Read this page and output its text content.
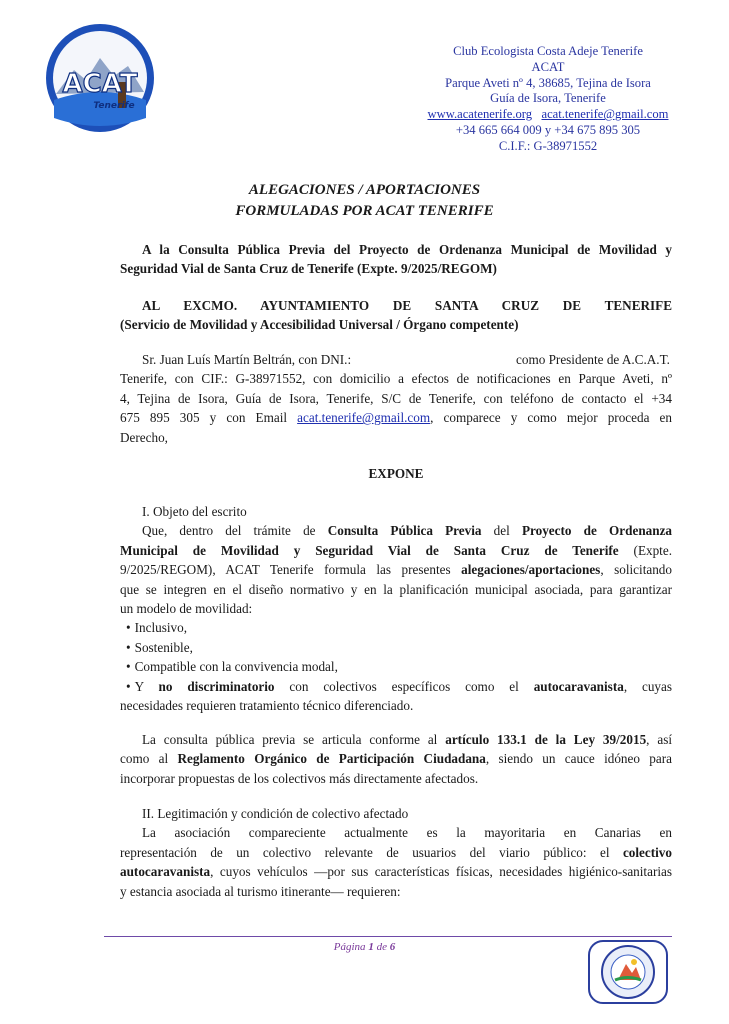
ACAT
Tenerife
Club Ecologista Costa Adeje Tenerife
ACAT
Parque Aveti nº 4, 38685, Tejina de Isora
Guía de Isora, Tenerife
www.acatenerife.org acat.tenerife@gmail.com
+34 665 664 009 y +34 675 895 305
C.I.F.: G-38971552
ALEGACIONES / APORTACIONES
FORMULADAS POR ACAT TENERIFE
A la Consulta Pública Previa del Proyecto de Ordenanza Municipal de Movilidad y
Seguridad Vial de Santa Cruz de Tenerife (Expte. 9/2025/REGOM)
AL EXCMO. AYUNTAMIENTO DE SANTA CRUZ DE TENERIFE
(Servicio de Movilidad y Accesibilidad Universal / Órgano competente)
Sr. Juan Luís Martín Beltrán, con DNI.:	como Presidente de A.C.A.T.
Tenerife, con CIF.: G-38971552, con domicilio a efectos de notificaciones en Parque Aveti, nº
4, Tejina de Isora, Guía de Isora, Tenerife, S/C de Tenerife, con teléfono de contacto el +34
675 895 305 y con Email acat.tenerife@gmail.com, comparece y como mejor proceda en
Derecho,
EXPONE
I. Objeto del escrito
Que, dentro del trámite de Consulta Pública Previa del Proyecto de Ordenanza
Municipal de Movilidad y Seguridad Vial de Santa Cruz de Tenerife (Expte.
9/2025/REGOM), ACAT Tenerife formula las presentes alegaciones/aportaciones, solicitando
que se integren en el diseño normativo y en la planificación municipal asociada, para garantizar
un modelo de movilidad:
• Inclusivo,
• Sostenible,
• Compatible con la convivencia modal,
• Y no discriminatorio con colectivos específicos como el autocaravanista, cuyas
necesidades requieren tratamiento técnico diferenciado.
La consulta pública previa se articula conforme al artículo 133.1 de la Ley 39/2015, así
como al Reglamento Orgánico de Participación Ciudadana, siendo un cauce idóneo para
incorporar propuestas de los colectivos más directamente afectados.
II. Legitimación y condición de colectivo afectado
La asociación compareciente actualmente es la mayoritaria en Canarias en
representación de un colectivo relevante de usuarios del viario público: el colectivo
autocaravanista, cuyos vehículos —por sus características físicas, necesidades higiénico-sanitarias
y estancia asociada al turismo itinerante— requieren:
Página 1 de 6
